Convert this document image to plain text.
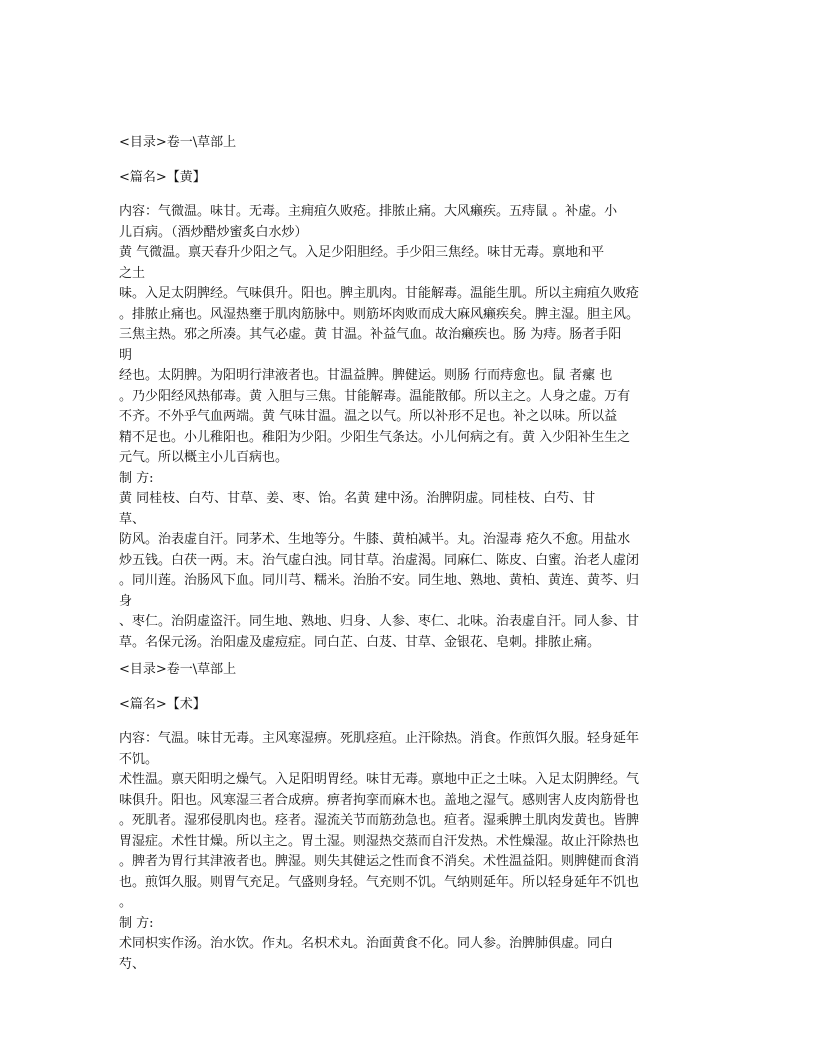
<目录>卷一\草部上
<篇名>【黄】
内容：气微温。味甘。无毒。主痈疽久败疮。排脓止痛。大风癞疾。五痔鼠 。补虚。小
儿百病。（酒炒醋炒蜜炙白水炒）
黄 气微温。禀天春升少阳之气。入足少阳胆经。手少阳三焦经。味甘无毒。禀地和平
之土
味。入足太阴脾经。气味俱升。阳也。脾主肌肉。甘能解毒。温能生肌。所以主痈疽久败疮
。排脓止痛也。风湿热壅于肌肉筋脉中。则筋坏肉败而成大麻风癞疾矣。脾主湿。胆主风。
三焦主热。邪之所凑。其气必虚。黄 甘温。补益气血。故治癞疾也。肠 为痔。肠者手阳
明
经也。太阴脾。为阳明行津液者也。甘温益脾。脾健运。则肠 行而痔愈也。鼠 者瘰 也
。乃少阳经风热郁毒。黄 入胆与三焦。甘能解毒。温能散郁。所以主之。人身之虚。万有
不齐。不外乎气血两端。黄 气味甘温。温之以气。所以补形不足也。补之以味。所以益
精不足也。小儿稚阳也。稚阳为少阳。少阳生气条达。小儿何病之有。黄 入少阳补生生之
元气。所以概主小儿百病也。
制 方:
黄 同桂枝、白芍、甘草、姜、枣、饴。名黄 建中汤。治脾阴虚。同桂枝、白芍、甘
草、
防风。治表虚自汗。同茅术、生地等分。牛膝、黄柏减半。丸。治湿毒 疮久不愈。用盐水
炒五钱。白茯一两。末。治气虚白浊。同甘草。治虚渴。同麻仁、陈皮、白蜜。治老人虚闭
。同川莲。治肠风下血。同川芎、糯米。治胎不安。同生地、熟地、黄柏、黄连、黄芩、归
身
、枣仁。治阴虚盗汗。同生地、熟地、归身、人参、枣仁、北味。治表虚自汗。同人参、甘
草。名保元汤。治阳虚及虚痘症。同白芷、白芨、甘草、金银花、皂刺。排脓止痛。
<目录>卷一\草部上
<篇名>【术】
内容：气温。味甘无毒。主风寒湿痹。死肌痉疸。止汗除热。消食。作煎饵久服。轻身延年
不饥。
术性温。禀天阳明之燥气。入足阳明胃经。味甘无毒。禀地中正之土味。入足太阴脾经。气
味俱升。阳也。风寒湿三者合成痹。痹者拘挛而麻木也。盖地之湿气。感则害人皮肉筋骨也
。死肌者。湿邪侵肌肉也。痉者。湿流关节而筋劲急也。疸者。湿乘脾土肌肉发黄也。皆脾
胃湿症。术性甘燥。所以主之。胃土湿。则湿热交蒸而自汗发热。术性燥湿。故止汗除热也
。脾者为胃行其津液者也。脾湿。则失其健运之性而食不消矣。术性温益阳。则脾健而食消
也。煎饵久服。则胃气充足。气盛则身轻。气充则不饥。气纳则延年。所以轻身延年不饥也
。
制 方:
术同枳实作汤。治水饮。作丸。名枳术丸。治面黄食不化。同人参。治脾肺俱虚。同白
芍、
